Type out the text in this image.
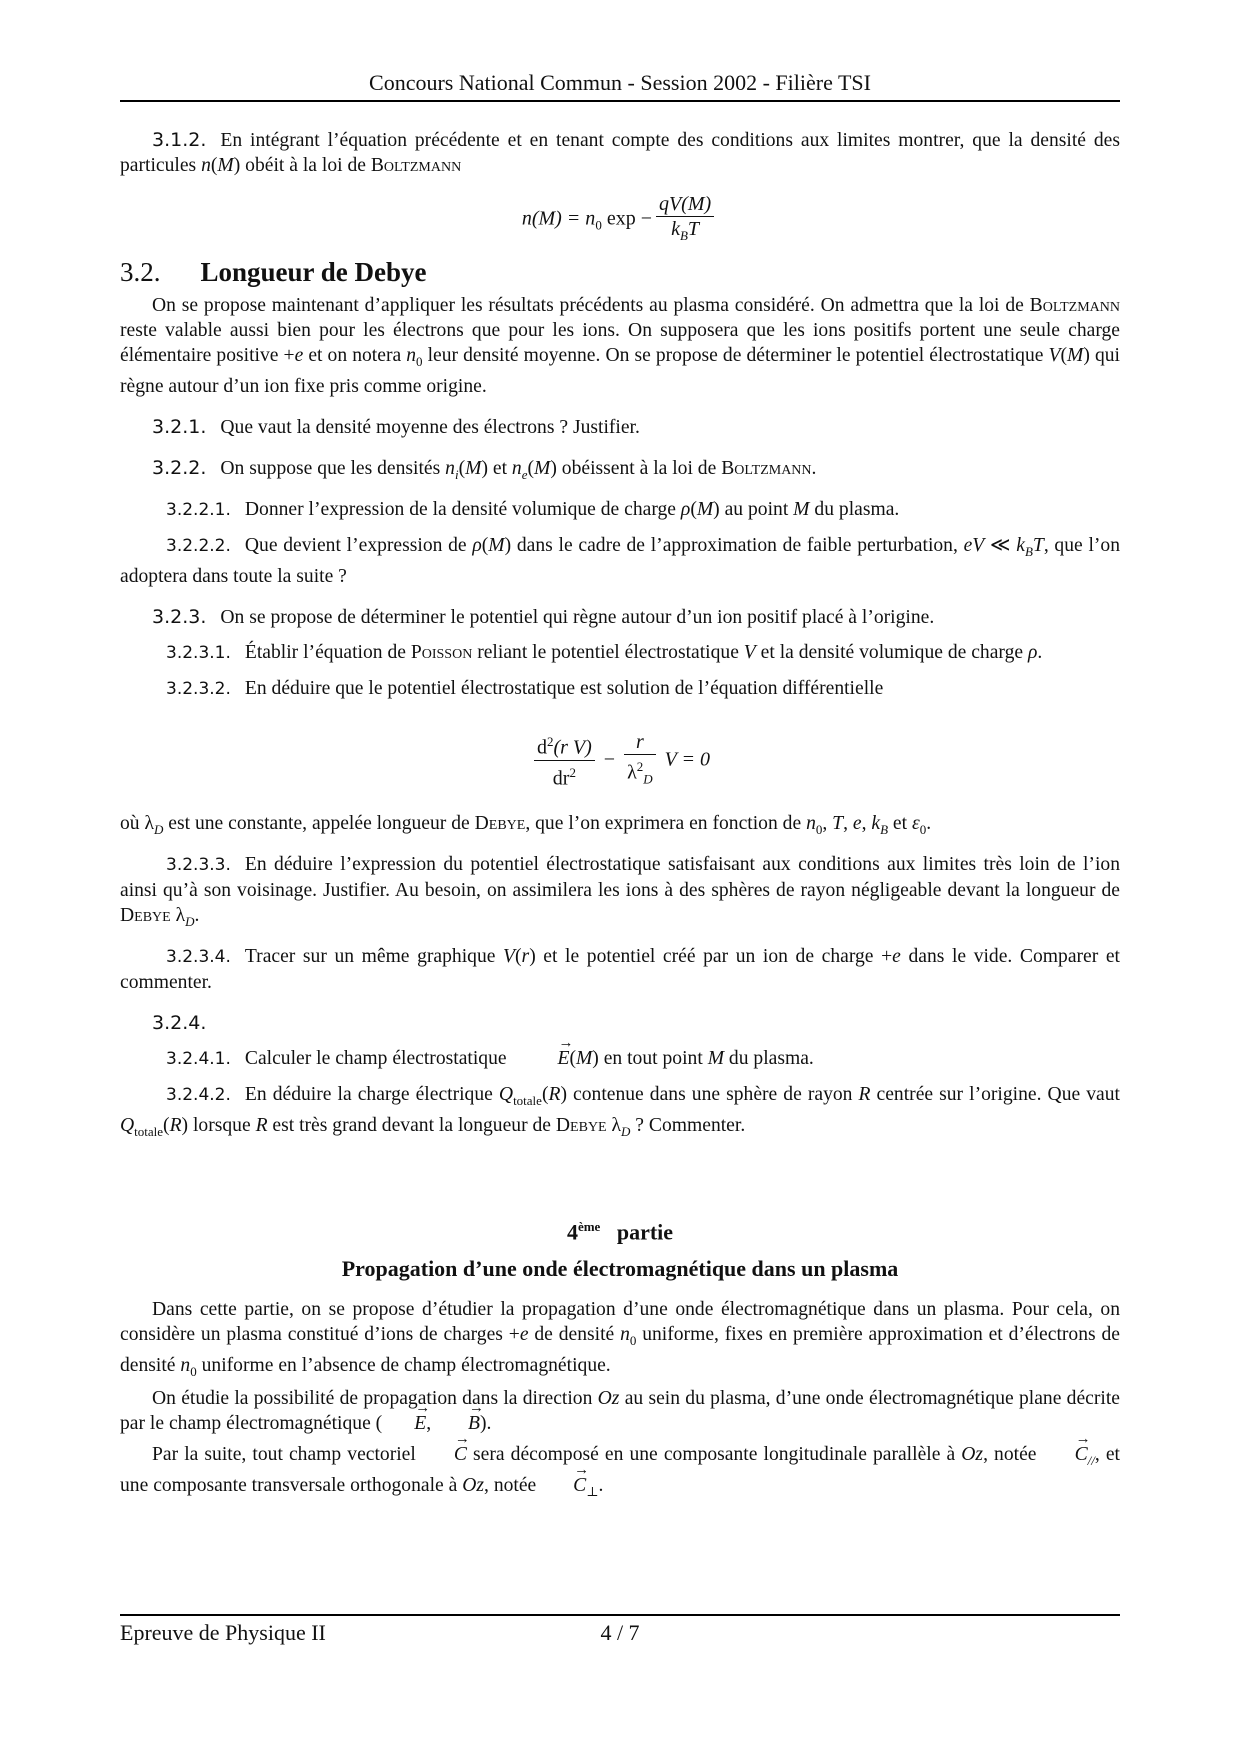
Concours National Commun - Session 2002 - Filière TSI

3.1.2. En intégrant l’équation précédente et en tenant compte des conditions aux limites montrer, que la densité des particules n(M) obéit à la loi de Boltzmann

$n(M) = n_0$ $\exp - \frac{qV(M)}{k_BT}$
3.2. Longueur de Debye

On se propose maintenant d’appliquer les résultats précédents au plasma considéré. On admettra que la loi de Boltzmann reste valable aussi bien pour les électrons que pour les ions. On supposera que les ions positifs portent une seule charge élémentaire positive +e et on notera $n_0$ leur densité moyenne. On se propose de déterminer le potentiel électrostatique V(M) qui règne autour d’un ion fixe pris comme origine.

3.2.1. Que vaut la densité moyenne des électrons ? Justifier.

3.2.2. On suppose que les densités $n_i(M)$ et $n_e(M)$ obéissent à la loi de Boltzmann.

3.2.2.1. Donner l’expression de la densité volumique de charge ρ(M) au point M du plasma.

3.2.2.2. Que devient l’expression de ρ(M) dans le cadre de l’approximation de faible perturbation, eV ≪ $k_BT$, que l’on adoptera dans toute la suite ?

3.2.3. On se propose de déterminer le potentiel qui règne autour d’un ion positif placé à l’origine.

3.2.3.1. Établir l’équation de Poisson reliant le potentiel électrostatique V et la densité volumique de charge ρ.

3.2.3.2. En déduire que le potentiel électrostatique est solution de l’équation différentielle

$\frac{d^2(r V)}{dr^2} - \frac{r}{\lambda^2_D}$ V = 0

où $\lambda_D$ est une constante, appelée longueur de Debye, que l’on exprimera en fonction de $n_0$, T, e, $k_B$ et $\varepsilon_0$.

3.2.3.3. En déduire l’expression du potentiel électrostatique satisfaisant aux conditions aux limites très loin de l’ion ainsi qu’à son voisinage. Justifier. Au besoin, on assimilera les ions à des sphères de rayon négligeable devant la longueur de Debye $\lambda_D$.

3.2.3.4. Tracer sur un même graphique V(r) et le potentiel créé par un ion de charge +e dans le vide. Comparer et commenter.

3.2.4.

3.2.4.1. Calculer le champ électrostatique → E(M) en tout point M du plasma.

3.2.4.2. En déduire la charge électrique $Q_{totale}(R)$ contenue dans une sphère de rayon R centrée sur l’origine. Que vaut $Q_{totale}(R)$ lorsque R est très grand devant la longueur de Debye $\lambda_D$ ? Commenter.

4ème partie
Propagation d’une onde électromagnétique dans un plasma

Dans cette partie, on se propose d’étudier la propagation d’une onde électromagnétique dans un plasma. Pour cela, on considère un plasma constitué d’ions de charges +e de densité $n_0$ uniforme, fixes en première approximation et d’électrons de densité $n_0$ uniforme en l’absence de champ électromagnétique.

On étudie la possibilité de propagation dans la direction Oz au sein du plasma, d’une onde électromagnétique plane décrite par le champ électromagnétique (→ E, → B).

Par la suite, tout champ vectoriel → C sera décomposé en une composante longitudinale parallèle à Oz, notée → $C_{//}$, et une composante transversale orthogonale à Oz, notée → $C_\perp$.

Epreuve de Physique II	4 / 7
